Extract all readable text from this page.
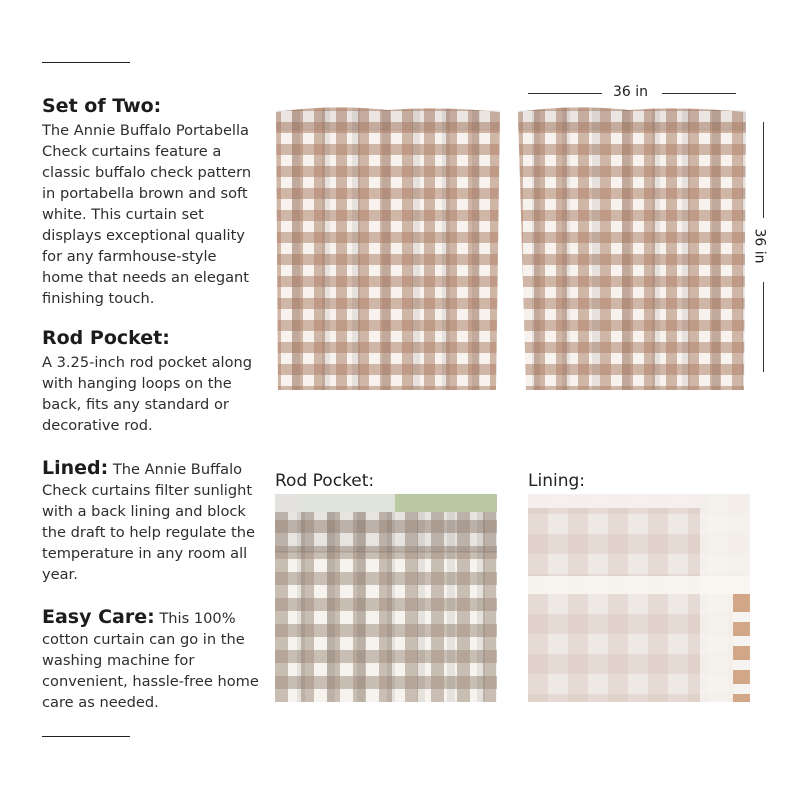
Set of Two:
The Annie Buffalo Portabella Check curtains feature a classic buffalo check pattern in portabella brown and soft white. This curtain set displays exceptional quality for any farmhouse-style home that needs an elegant finishing touch.
Rod Pocket:
A 3.25-inch rod pocket along with hanging loops on the back, fits any standard or decorative rod.
Lined: The Annie Buffalo Check curtains filter sunlight with a back lining and block the draft to help regulate the temperature in any room all year.
Easy Care: This 100% cotton curtain can go in the washing machine for convenient, hassle-free home care as needed.
36 in
36 in
Rod Pocket:	Lining:
